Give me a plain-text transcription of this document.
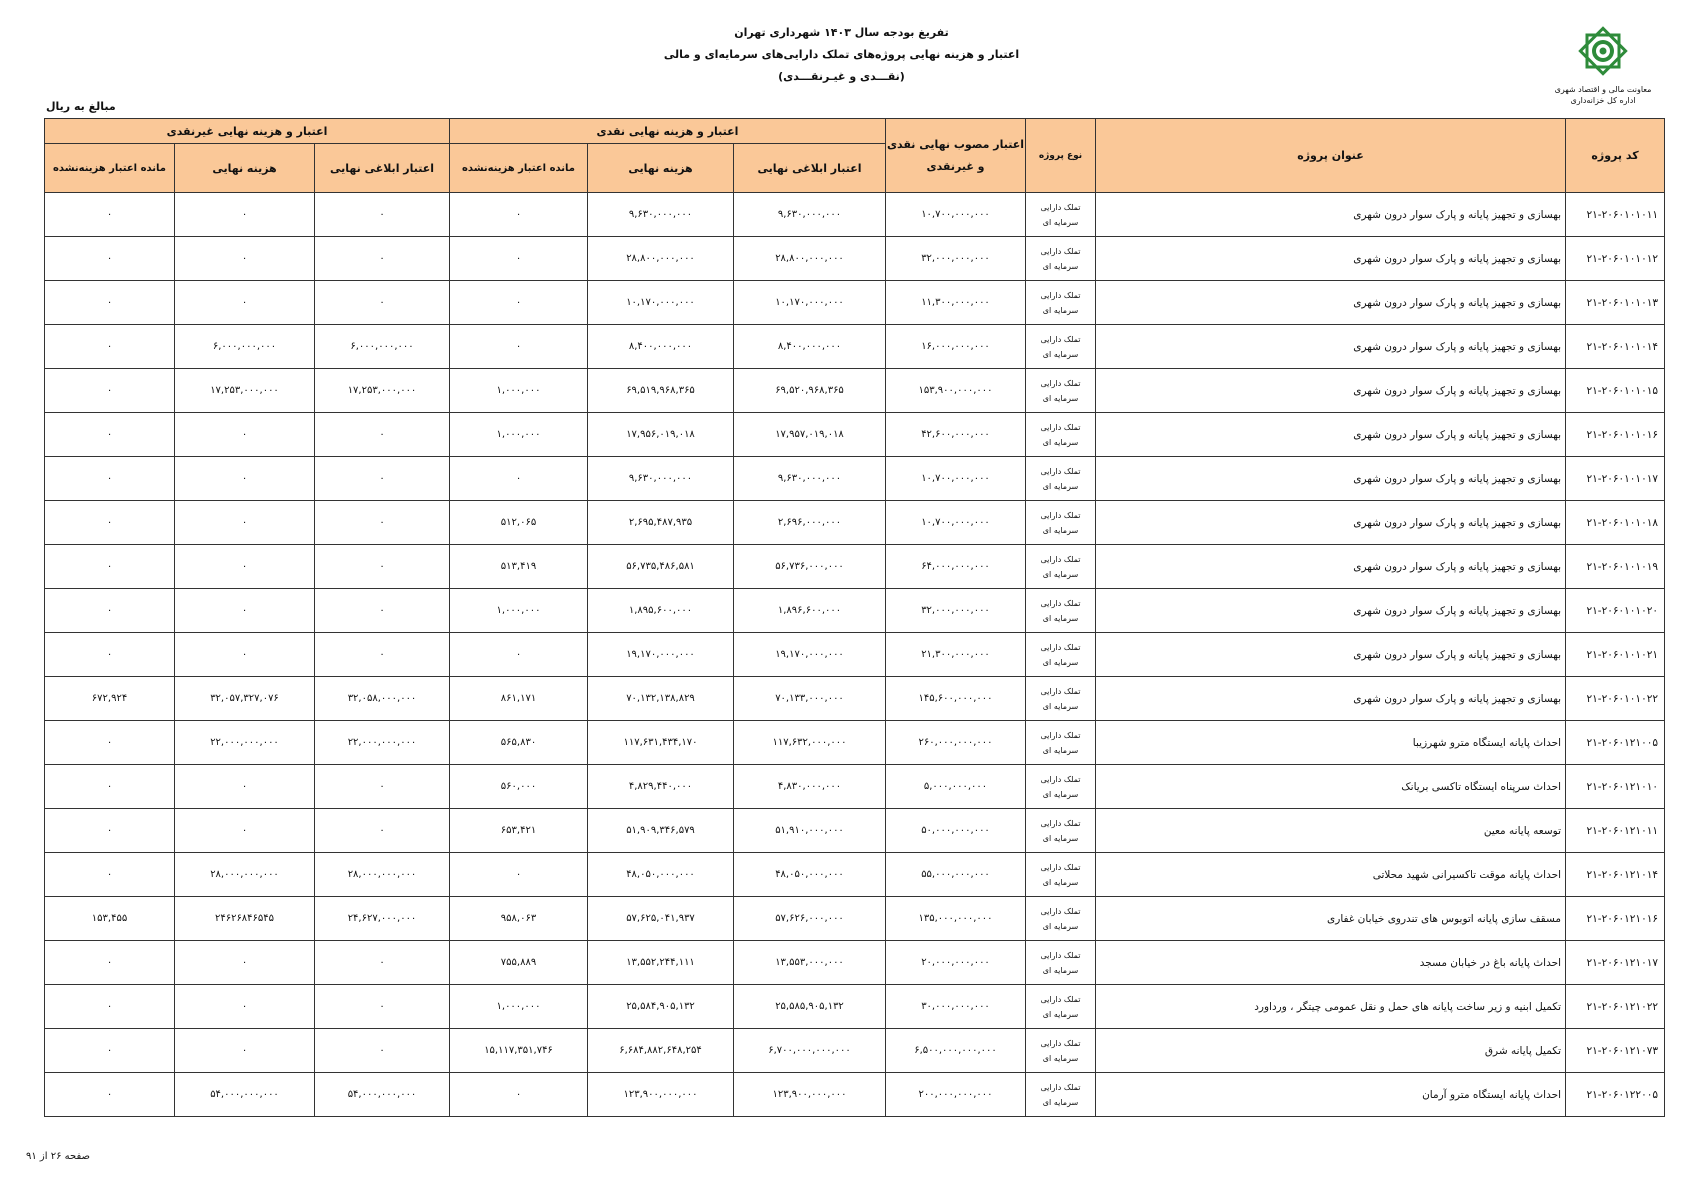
تفریغ بودجه سال ۱۴۰۳ شهرداری تهران
اعتبار و هزینه نهایی پروژه‌های تملک دارایی‌های سرمایه‌ای و مالی
(نقـــدی و غیـرنقـــدی)
معاونت مالی و اقتصاد شهری
اداره کل خزانه‌داری
مبالغ به ریال
کد پروژه	عنوان پروژه	نوع پروژه	اعتبار مصوب نهایی نقدی و غیرنقدی	اعتبار و هزینه نهایی نقدی			اعتبار و هزینه نهایی غیرنقدی		
				اعتبار ابلاغی نهایی	هزینه نهایی	مانده اعتبار هزینه‌نشده	اعتبار ابلاغی نهایی	هزینه نهایی	مانده اعتبار هزینه‌نشده
۲۱-۲۰۶۰۱۰۱۰۱۱	بهسازی و تجهیز پایانه و پارک سوار درون شهری	تملک دارایی
سرمایه ای	۱۰,۷۰۰,۰۰۰,۰۰۰	۹,۶۳۰,۰۰۰,۰۰۰	۹,۶۳۰,۰۰۰,۰۰۰	۰	۰	۰	۰
۲۱-۲۰۶۰۱۰۱۰۱۲	بهسازی و تجهیز پایانه و پارک سوار درون شهری	تملک دارایی
سرمایه ای	۳۲,۰۰۰,۰۰۰,۰۰۰	۲۸,۸۰۰,۰۰۰,۰۰۰	۲۸,۸۰۰,۰۰۰,۰۰۰	۰	۰	۰	۰
۲۱-۲۰۶۰۱۰۱۰۱۳	بهسازی و تجهیز پایانه و پارک سوار درون شهری	تملک دارایی
سرمایه ای	۱۱,۳۰۰,۰۰۰,۰۰۰	۱۰,۱۷۰,۰۰۰,۰۰۰	۱۰,۱۷۰,۰۰۰,۰۰۰	۰	۰	۰	۰
۲۱-۲۰۶۰۱۰۱۰۱۴	بهسازی و تجهیز پایانه و پارک سوار درون شهری	تملک دارایی
سرمایه ای	۱۶,۰۰۰,۰۰۰,۰۰۰	۸,۴۰۰,۰۰۰,۰۰۰	۸,۴۰۰,۰۰۰,۰۰۰	۰	۶,۰۰۰,۰۰۰,۰۰۰	۶,۰۰۰,۰۰۰,۰۰۰	۰
۲۱-۲۰۶۰۱۰۱۰۱۵	بهسازی و تجهیز پایانه و پارک سوار درون شهری	تملک دارایی
سرمایه ای	۱۵۳,۹۰۰,۰۰۰,۰۰۰	۶۹,۵۲۰,۹۶۸,۳۶۵	۶۹,۵۱۹,۹۶۸,۳۶۵	۱,۰۰۰,۰۰۰	۱۷,۲۵۳,۰۰۰,۰۰۰	۱۷,۲۵۳,۰۰۰,۰۰۰	۰
۲۱-۲۰۶۰۱۰۱۰۱۶	بهسازی و تجهیز پایانه و پارک سوار درون شهری	تملک دارایی
سرمایه ای	۴۲,۶۰۰,۰۰۰,۰۰۰	۱۷,۹۵۷,۰۱۹,۰۱۸	۱۷,۹۵۶,۰۱۹,۰۱۸	۱,۰۰۰,۰۰۰	۰	۰	۰
۲۱-۲۰۶۰۱۰۱۰۱۷	بهسازی و تجهیز پایانه و پارک سوار درون شهری	تملک دارایی
سرمایه ای	۱۰,۷۰۰,۰۰۰,۰۰۰	۹,۶۳۰,۰۰۰,۰۰۰	۹,۶۳۰,۰۰۰,۰۰۰	۰	۰	۰	۰
۲۱-۲۰۶۰۱۰۱۰۱۸	بهسازی و تجهیز پایانه و پارک سوار درون شهری	تملک دارایی
سرمایه ای	۱۰,۷۰۰,۰۰۰,۰۰۰	۲,۶۹۶,۰۰۰,۰۰۰	۲,۶۹۵,۴۸۷,۹۳۵	۵۱۲,۰۶۵	۰	۰	۰
۲۱-۲۰۶۰۱۰۱۰۱۹	بهسازی و تجهیز پایانه و پارک سوار درون شهری	تملک دارایی
سرمایه ای	۶۴,۰۰۰,۰۰۰,۰۰۰	۵۶,۷۳۶,۰۰۰,۰۰۰	۵۶,۷۳۵,۴۸۶,۵۸۱	۵۱۳,۴۱۹	۰	۰	۰
۲۱-۲۰۶۰۱۰۱۰۲۰	بهسازی و تجهیز پایانه و پارک سوار درون شهری	تملک دارایی
سرمایه ای	۳۲,۰۰۰,۰۰۰,۰۰۰	۱,۸۹۶,۶۰۰,۰۰۰	۱,۸۹۵,۶۰۰,۰۰۰	۱,۰۰۰,۰۰۰	۰	۰	۰
۲۱-۲۰۶۰۱۰۱۰۲۱	بهسازی و تجهیز پایانه و پارک سوار درون شهری	تملک دارایی
سرمایه ای	۲۱,۳۰۰,۰۰۰,۰۰۰	۱۹,۱۷۰,۰۰۰,۰۰۰	۱۹,۱۷۰,۰۰۰,۰۰۰	۰	۰	۰	۰
۲۱-۲۰۶۰۱۰۱۰۲۲	بهسازی و تجهیز پایانه و پارک سوار درون شهری	تملک دارایی
سرمایه ای	۱۴۵,۶۰۰,۰۰۰,۰۰۰	۷۰,۱۳۳,۰۰۰,۰۰۰	۷۰,۱۳۲,۱۳۸,۸۲۹	۸۶۱,۱۷۱	۳۲,۰۵۸,۰۰۰,۰۰۰	۳۲,۰۵۷,۳۲۷,۰۷۶	۶۷۲,۹۲۴
۲۱-۲۰۶۰۱۲۱۰۰۵	احداث پایانه ایستگاه مترو شهرزیبا	تملک دارایی
سرمایه ای	۲۶۰,۰۰۰,۰۰۰,۰۰۰	۱۱۷,۶۳۲,۰۰۰,۰۰۰	۱۱۷,۶۳۱,۴۳۴,۱۷۰	۵۶۵,۸۳۰	۲۲,۰۰۰,۰۰۰,۰۰۰	۲۲,۰۰۰,۰۰۰,۰۰۰	۰
۲۱-۲۰۶۰۱۲۱۰۱۰	احداث سرپناه ایستگاه تاکسی بریانک	تملک دارایی
سرمایه ای	۵,۰۰۰,۰۰۰,۰۰۰	۴,۸۳۰,۰۰۰,۰۰۰	۴,۸۲۹,۴۴۰,۰۰۰	۵۶۰,۰۰۰	۰	۰	۰
۲۱-۲۰۶۰۱۲۱۰۱۱	توسعه پایانه معین	تملک دارایی
سرمایه ای	۵۰,۰۰۰,۰۰۰,۰۰۰	۵۱,۹۱۰,۰۰۰,۰۰۰	۵۱,۹۰۹,۳۴۶,۵۷۹	۶۵۳,۴۲۱	۰	۰	۰
۲۱-۲۰۶۰۱۲۱۰۱۴	احداث پایانه موقت تاکسیرانی شهید محلاتی	تملک دارایی
سرمایه ای	۵۵,۰۰۰,۰۰۰,۰۰۰	۴۸,۰۵۰,۰۰۰,۰۰۰	۴۸,۰۵۰,۰۰۰,۰۰۰	۰	۲۸,۰۰۰,۰۰۰,۰۰۰	۲۸,۰۰۰,۰۰۰,۰۰۰	۰
۲۱-۲۰۶۰۱۲۱۰۱۶	مسقف سازی پایانه اتوبوس های تندروی خیابان غفاری	تملک دارایی
سرمایه ای	۱۳۵,۰۰۰,۰۰۰,۰۰۰	۵۷,۶۲۶,۰۰۰,۰۰۰	۵۷,۶۲۵,۰۴۱,۹۳۷	۹۵۸,۰۶۳	۲۴,۶۲۷,۰۰۰,۰۰۰	۲۴۶۲۶۸۴۶۵۴۵	۱۵۳,۴۵۵
۲۱-۲۰۶۰۱۲۱۰۱۷	احداث پایانه باغ در خیابان مسجد	تملک دارایی
سرمایه ای	۲۰,۰۰۰,۰۰۰,۰۰۰	۱۳,۵۵۳,۰۰۰,۰۰۰	۱۳,۵۵۲,۲۴۴,۱۱۱	۷۵۵,۸۸۹	۰	۰	۰
۲۱-۲۰۶۰۱۲۱۰۲۲	تکمیل ابنیه و زیر ساخت پایانه های حمل و نقل عمومی چیتگر ، ورداورد	تملک دارایی
سرمایه ای	۳۰,۰۰۰,۰۰۰,۰۰۰	۲۵,۵۸۵,۹۰۵,۱۳۲	۲۵,۵۸۴,۹۰۵,۱۳۲	۱,۰۰۰,۰۰۰	۰	۰	۰
۲۱-۲۰۶۰۱۲۱۰۷۳	تکمیل پایانه شرق	تملک دارایی
سرمایه ای	۶,۵۰۰,۰۰۰,۰۰۰,۰۰۰	۶,۷۰۰,۰۰۰,۰۰۰,۰۰۰	۶,۶۸۴,۸۸۲,۶۴۸,۲۵۴	۱۵,۱۱۷,۳۵۱,۷۴۶	۰	۰	۰
۲۱-۲۰۶۰۱۲۲۰۰۵	احداث پایانه ایستگاه مترو آرمان	تملک دارایی
سرمایه ای	۲۰۰,۰۰۰,۰۰۰,۰۰۰	۱۲۳,۹۰۰,۰۰۰,۰۰۰	۱۲۳,۹۰۰,۰۰۰,۰۰۰	۰	۵۴,۰۰۰,۰۰۰,۰۰۰	۵۴,۰۰۰,۰۰۰,۰۰۰	۰
صفحه ۲۶ از ۹۱
